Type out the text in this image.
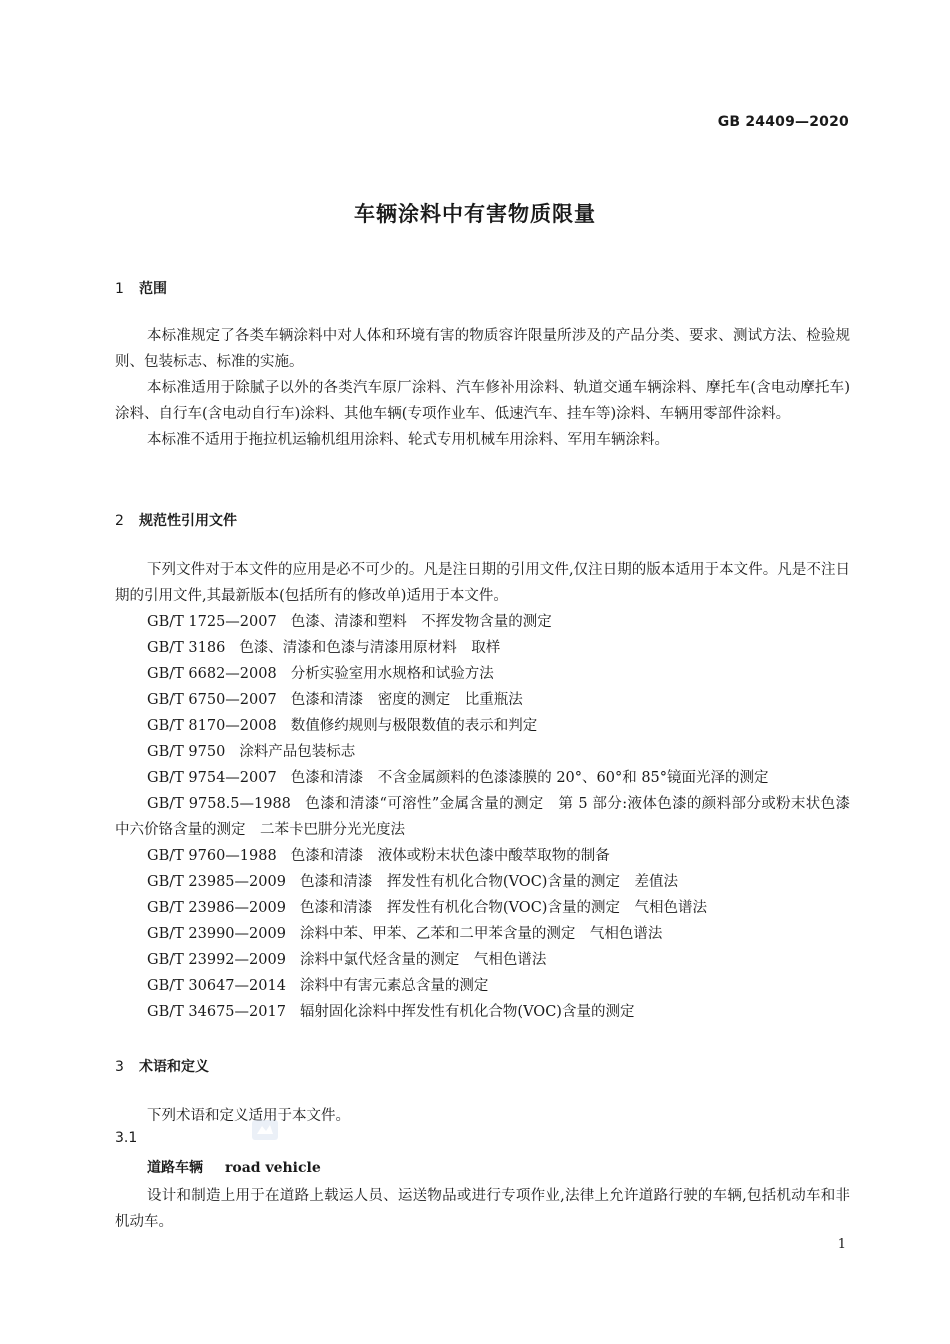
GB 24409—2020
车辆涂料中有害物质限量
1 范围

本标准规定了各类车辆涂料中对人体和环境有害的物质容许限量所涉及的产品分类、要求、测试方法、检验规则、包装标志、标准的实施。

本标准适用于除腻子以外的各类汽车原厂涂料、汽车修补用涂料、轨道交通车辆涂料、摩托车(含电动摩托车)涂料、自行车(含电动自行车)涂料、其他车辆(专项作业车、低速汽车、挂车等)涂料、车辆用零部件涂料。

本标准不适用于拖拉机运输机组用涂料、轮式专用机械车用涂料、军用车辆涂料。

2 规范性引用文件

下列文件对于本文件的应用是必不可少的。凡是注日期的引用文件,仅注日期的版本适用于本文件。凡是不注日期的引用文件,其最新版本(包括所有的修改单)适用于本文件。

GB/T 1725—2007 色漆、清漆和塑料　不挥发物含量的测定

GB/T 3186 色漆、清漆和色漆与清漆用原材料　取样

GB/T 6682—2008 分析实验室用水规格和试验方法

GB/T 6750—2007 色漆和清漆　密度的测定　比重瓶法

GB/T 8170—2008 数值修约规则与极限数值的表示和判定

GB/T 9750 涂料产品包装标志

GB/T 9754—2007 色漆和清漆　不含金属颜料的色漆漆膜的 20°、60°和 85°镜面光泽的测定

GB/T 9758.5—1988 色漆和清漆“可溶性”金属含量的测定　第 5 部分:液体色漆的颜料部分或粉末状色漆中六价铬含量的测定　二苯卡巴肼分光光度法

GB/T 9760—1988 色漆和清漆　液体或粉末状色漆中酸萃取物的制备

GB/T 23985—2009 色漆和清漆　挥发性有机化合物(VOC)含量的测定　差值法

GB/T 23986—2009 色漆和清漆　挥发性有机化合物(VOC)含量的测定　气相色谱法

GB/T 23990—2009 涂料中苯、甲苯、乙苯和二甲苯含量的测定　气相色谱法

GB/T 23992—2009 涂料中氯代烃含量的测定　气相色谱法

GB/T 30647—2014 涂料中有害元素总含量的测定

GB/T 34675—2017 辐射固化涂料中挥发性有机化合物(VOC)含量的测定

3 术语和定义

下列术语和定义适用于本文件。

3.1
道路车辆 road vehicle

设计和制造上用于在道路上载运人员、运送物品或进行专项作业,法律上允许道路行驶的车辆,包括机动车和非机动车。

1
